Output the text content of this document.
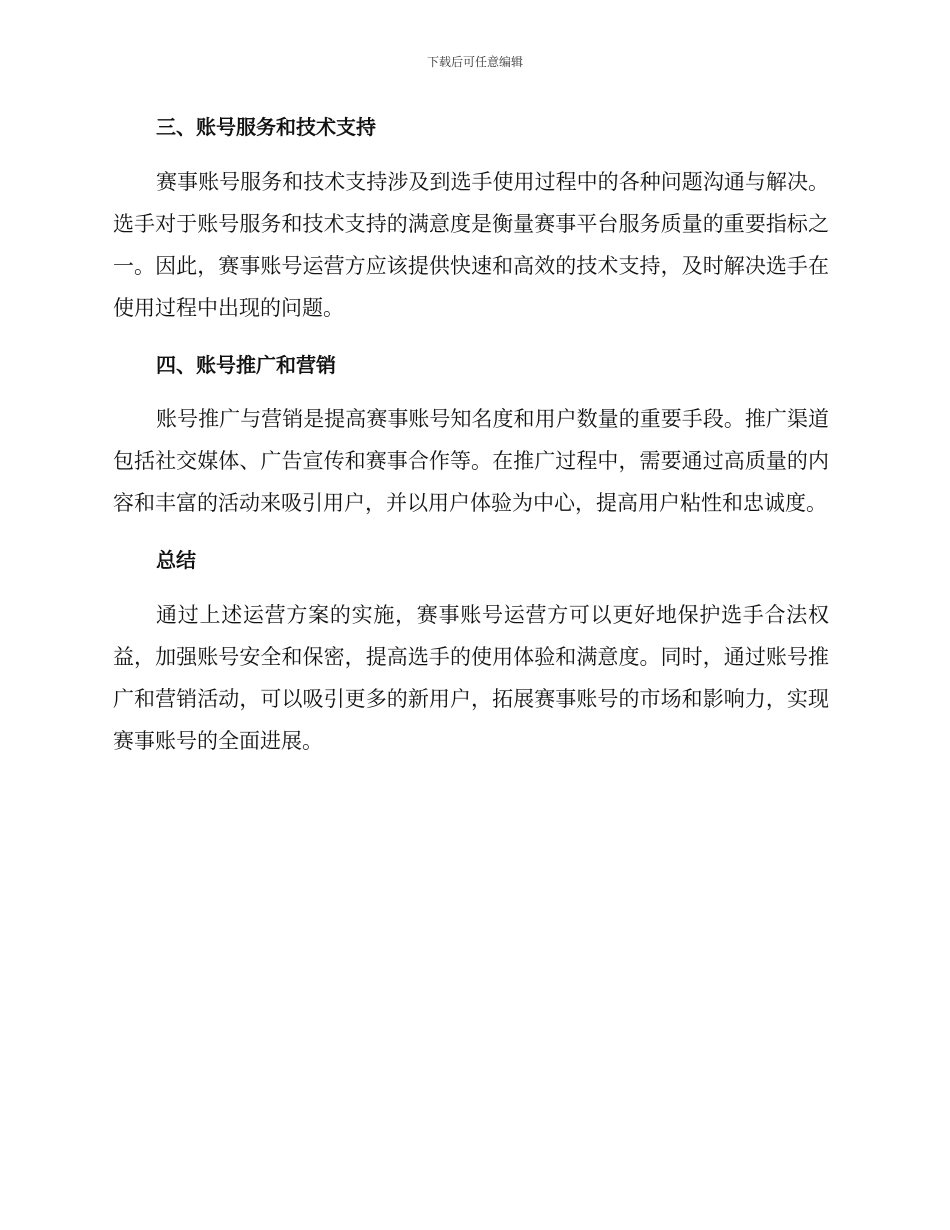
下载后可任意编辑
三、账号服务和技术支持

赛事账号服务和技术支持涉及到选手使用过程中的各种问题沟通与解决。选手对于账号服务和技术支持的满意度是衡量赛事平台服务质量的重要指标之一。因此，赛事账号运营方应该提供快速和高效的技术支持，及时解决选手在使用过程中出现的问题。

四、账号推广和营销

账号推广与营销是提高赛事账号知名度和用户数量的重要手段。推广渠道包括社交媒体、广告宣传和赛事合作等。在推广过程中，需要通过高质量的内容和丰富的活动来吸引用户，并以用户体验为中心，提高用户粘性和忠诚度。

总结

通过上述运营方案的实施，赛事账号运营方可以更好地保护选手合法权益，加强账号安全和保密，提高选手的使用体验和满意度。同时，通过账号推广和营销活动，可以吸引更多的新用户，拓展赛事账号的市场和影响力，实现赛事账号的全面进展。
